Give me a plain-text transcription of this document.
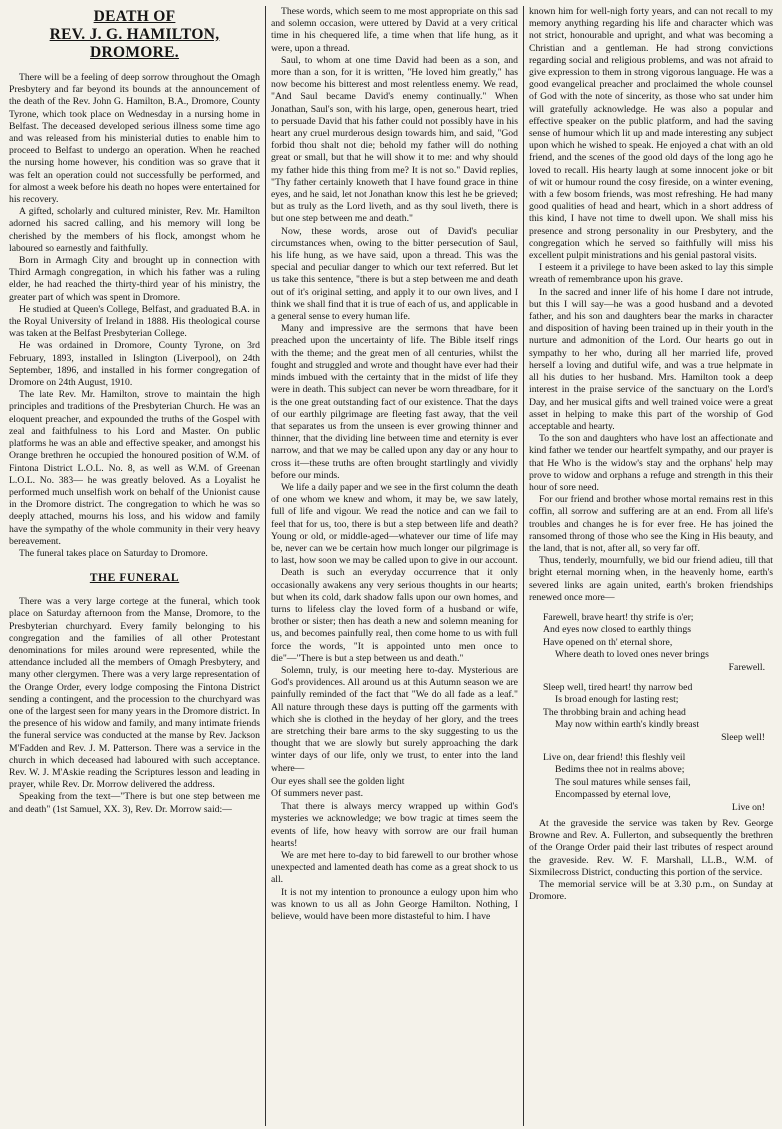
DEATH OF
REV. J. G. HAMILTON,
DROMORE.

There will be a feeling of deep sorrow throughout the Omagh Presbytery and far beyond its bounds at the announcement of the death of the Rev. John G. Hamilton, B.A., Dromore, County Tyrone, which took place on Wednesday in a nursing home in Belfast. The deceased developed serious illness some time ago and was released from his ministerial duties to enable him to proceed to Belfast to undergo an operation. When he reached the nursing home however, his condition was so grave that it was felt an operation could not successfully be performed, and for almost a week before his death no hopes were entertained for his recovery.

A gifted, scholarly and cultured minister, Rev. Mr. Hamilton adorned his sacred calling, and his memory will long be cherished by the members of his flock, amongst whom he laboured so earnestly and faithfully.

Born in Armagh City and brought up in connection with Third Armagh congregation, in which his father was a ruling elder, he had reached the thirty-third year of his ministry, the greater part of which was spent in Dromore.

He studied at Queen's College, Belfast, and graduated B.A. in the Royal University of Ireland in 1888. His theological course was taken at the Belfast Presbyterian College.

He was ordained in Dromore, County Tyrone, on 3rd February, 1893, installed in Islington (Liverpool), on 24th September, 1896, and installed in his former congregation of Dromore on 24th August, 1910.

The late Rev. Mr. Hamilton, strove to maintain the high principles and traditions of the Presbyterian Church. He was an eloquent preacher, and expounded the truths of the Gospel with zeal and faithfulness to his Lord and Master. On public platforms he was an able and effective speaker, and amongst his Orange brethren he occupied the honoured position of W.M. of Fintona District L.O.L. No. 8, as well as W.M. of Greenan L.O.L. No. 383— he was greatly beloved. As a Loyalist he performed much unselfish work on behalf of the Unionist cause in the Dromore district. The congregation to which he was so deeply attached, mourns his loss, and his widow and family have the sympathy of the whole community in their very heavy bereavement.

The funeral takes place on Saturday to Dromore.

THE FUNERAL

There was a very large cortege at the funeral, which took place on Saturday afternoon from the Manse, Dromore, to the Presbyterian churchyard. Every family belonging to his congregation and the families of all other Protestant denominations for miles around were represented, while the attendance included all the members of Omagh Presbytery, and many other clergymen. There was a very large representation of the Orange Order, every lodge composing the Fintona District sending a contingent, and the procession to the churchyard was one of the largest seen for many years in the Dromore district. In the presence of his widow and family, and many intimate friends the funeral service was conducted at the manse by Rev. Jackson M'Fadden and Rev. J. M. Patterson. There was a service in the church in which deceased had laboured with such acceptance. Rev. W. J. M'Askie reading the Scriptures lesson and leading in prayer, while Rev. Dr. Morrow delivered the address.

Speaking from the text—"There is but one step between me and death" (1st Samuel, XX. 3), Rev. Dr. Morrow said:—

These words, which seem to me most appropriate on this sad and solemn occasion, were uttered by David at a very critical time in his chequered life, a time when that life hung, as it were, upon a thread.

Saul, to whom at one time David had been as a son, and more than a son, for it is written, "He loved him greatly," has now become his bitterest and most relentless enemy. We read, "And Saul became David's enemy continually." When Jonathan, Saul's son, with his large, open, generous heart, tried to persuade David that his father could not possibly have in his heart any cruel murderous design towards him, and said, "God forbid thou shalt not die; behold my father will do nothing great or small, but that he will show it to me: and why should my father hide this thing from me? It is not so." David replies, "Thy father certainly knoweth that I have found grace in thine eyes, and he said, let not Jonathan know this lest he be grieved; but as truly as the Lord liveth, and as thy soul liveth, there is but one step between me and death."

Now, these words, arose out of David's peculiar circumstances when, owing to the bitter persecution of Saul, his life hung, as we have said, upon a thread. This was the special and peculiar danger to which our text referred. But let us take this sentence, "there is but a step between me and death out of it's original setting, and apply it to our own lives, and I think we shall find that it is true of each of us, and applicable in a general sense to every human life.

Many and impressive are the sermons that have been preached upon the uncertainty of life. The Bible itself rings with the theme; and the great men of all centuries, whilst the fought and struggled and wrote and thought have ever had their minds imbued with the certainty that in the midst of life they were in death. This subject can never be worn threadbare, for it is the one great outstanding fact of our existence. That the days of our earthly pilgrimage are fleeting fast away, that the veil that separates us from the unseen is ever growing thinner and thinner, that the dividing line between time and eternity is ever narrow, and that we may be called upon any day or any hour to cross it—these truths are often brought startlingly and vividly before our minds.

We life a daily paper and we see in the first column the death of one whom we knew and whom, it may be, we saw lately, full of life and vigour. We read the notice and can we fail to feel that for us, too, there is but a step between life and death? Young or old, or middle-aged—whatever our time of life may be, never can we be certain how much longer our pilgrimage is to last, how soon we may be called upon to give in our account.

Death is such an everyday occurrence that it only occasionally awakens any very serious thoughts in our hearts; but when its cold, dark shadow falls upon our own homes, and turns to lifeless clay the loved form of a husband or wife, brother or sister; then has death a new and solemn meaning for us, and becomes painfully real, then come home to us with full force the words, "It is appointed unto men once to die"—"There is but a step between us and death."

Solemn, truly, is our meeting here to-day. Mysterious are God's providences. All around us at this Autumn season we are painfully reminded of the fact that "We do all fade as a leaf." All nature through these days is putting off the garments with which she is clothed in the heyday of her glory, and the trees are stretching their bare arms to the sky suggesting to us the thought that we are slowly but surely approaching the dark winter days of our life, only we trust, to enter into the land where—

Our eyes shall see the golden light
Of summers never past.

That there is always mercy wrapped up within God's mysteries we acknowledge; we bow tragic at times seem the events of life, how heavy with sorrow are our frail human hearts!

We are met here to-day to bid farewell to our brother whose unexpected and lamented death has come as a great shock to us all.

It is not my intention to pronounce a eulogy upon him who was known to us all as John George Hamilton. Nothing, I believe, would have been more distasteful to him. I have

known him for well-nigh forty years, and can not recall to my memory anything regarding his life and character which was not strict, honourable and upright, and what was becoming a Christian and a gentleman. He had strong convictions regarding social and religious problems, and was not afraid to give expression to them in strong vigorous language. He was a good evangelical preacher and proclaimed the whole counsel of God with the note of sincerity, as those who sat under him will gratefully acknowledge. He was also a popular and effective speaker on the public platform, and had the saving sense of humour which lit up and made interesting any subject upon which he wished to speak. He enjoyed a chat with an old friend, and the scenes of the good old days of the long ago he loved to recall. His hearty laugh at some innocent joke or bit of wit or humour round the cosy fireside, on a winter evening, with a few bosom friends, was most refreshing. He had many good qualities of head and heart, which in a short address of this kind, I have not time to dwell upon. We shall miss his presence and strong personality in our Presbytery, and the congregation which he served so faithfully will miss his excellent pulpit ministrations and his genial pastoral visits.

I esteem it a privilege to have been asked to lay this simple wreath of remembrance upon his grave.

In the sacred and inner life of his home I dare not intrude, but this I will say—he was a good husband and a devoted father, and his son and daughters bear the marks in character and disposition of having been trained up in their youth in the nurture and admonition of the Lord. Our hearts go out in sympathy to her who, during all her married life, proved herself a loving and dutiful wife, and was a true helpmate in all his duties to her husband. Mrs. Hamilton took a deep interest in the praise service of the sanctuary on the Lord's Day, and her musical gifts and well trained voice were a great asset in helping to make this part of the worship of God acceptable and hearty.

To the son and daughters who have lost an affectionate and kind father we tender our heartfelt sympathy, and our prayer is that He Who is the widow's stay and the orphans' help may prove to widow and orphans a refuge and strength in this their hour of sore need.

For our friend and brother whose mortal remains rest in this coffin, all sorrow and suffering are at an end. From all life's troubles and changes he is for ever free. He has joined the ransomed throng of those who see the King in His beauty, and the land, that is not, after all, so very far off.

Thus, tenderly, mournfully, we bid our friend adieu, till that bright eternal morning when, in the heavenly home, earth's severed links are again united, earth's broken friendships renewed once more—

Farewell, brave heart! thy strife is o'er;
And eyes now closed to earthly things
Have opened on th' eternal shore,
Where death to loved ones never brings
Farewell.
Sleep well, tired heart! thy narrow bed
Is broad enough for lasting rest;
The throbbing brain and aching head
May now within earth's kindly breast
Sleep well!
Live on, dear friend! this fleshly veil
Bedims thee not in realms above;
The soul matures while senses fail,
Encompassed by eternal love,
Live on!

At the graveside the service was taken by Rev. George Browne and Rev. A. Fullerton, and subsequently the brethren of the Orange Order paid their last tributes of respect around the graveside. Rev. W. F. Marshall, LL.B., W.M. of Sixmilecross District, conducting this portion of the service.

The memorial service will be at 3.30 p.m., on Sunday at Dromore.
